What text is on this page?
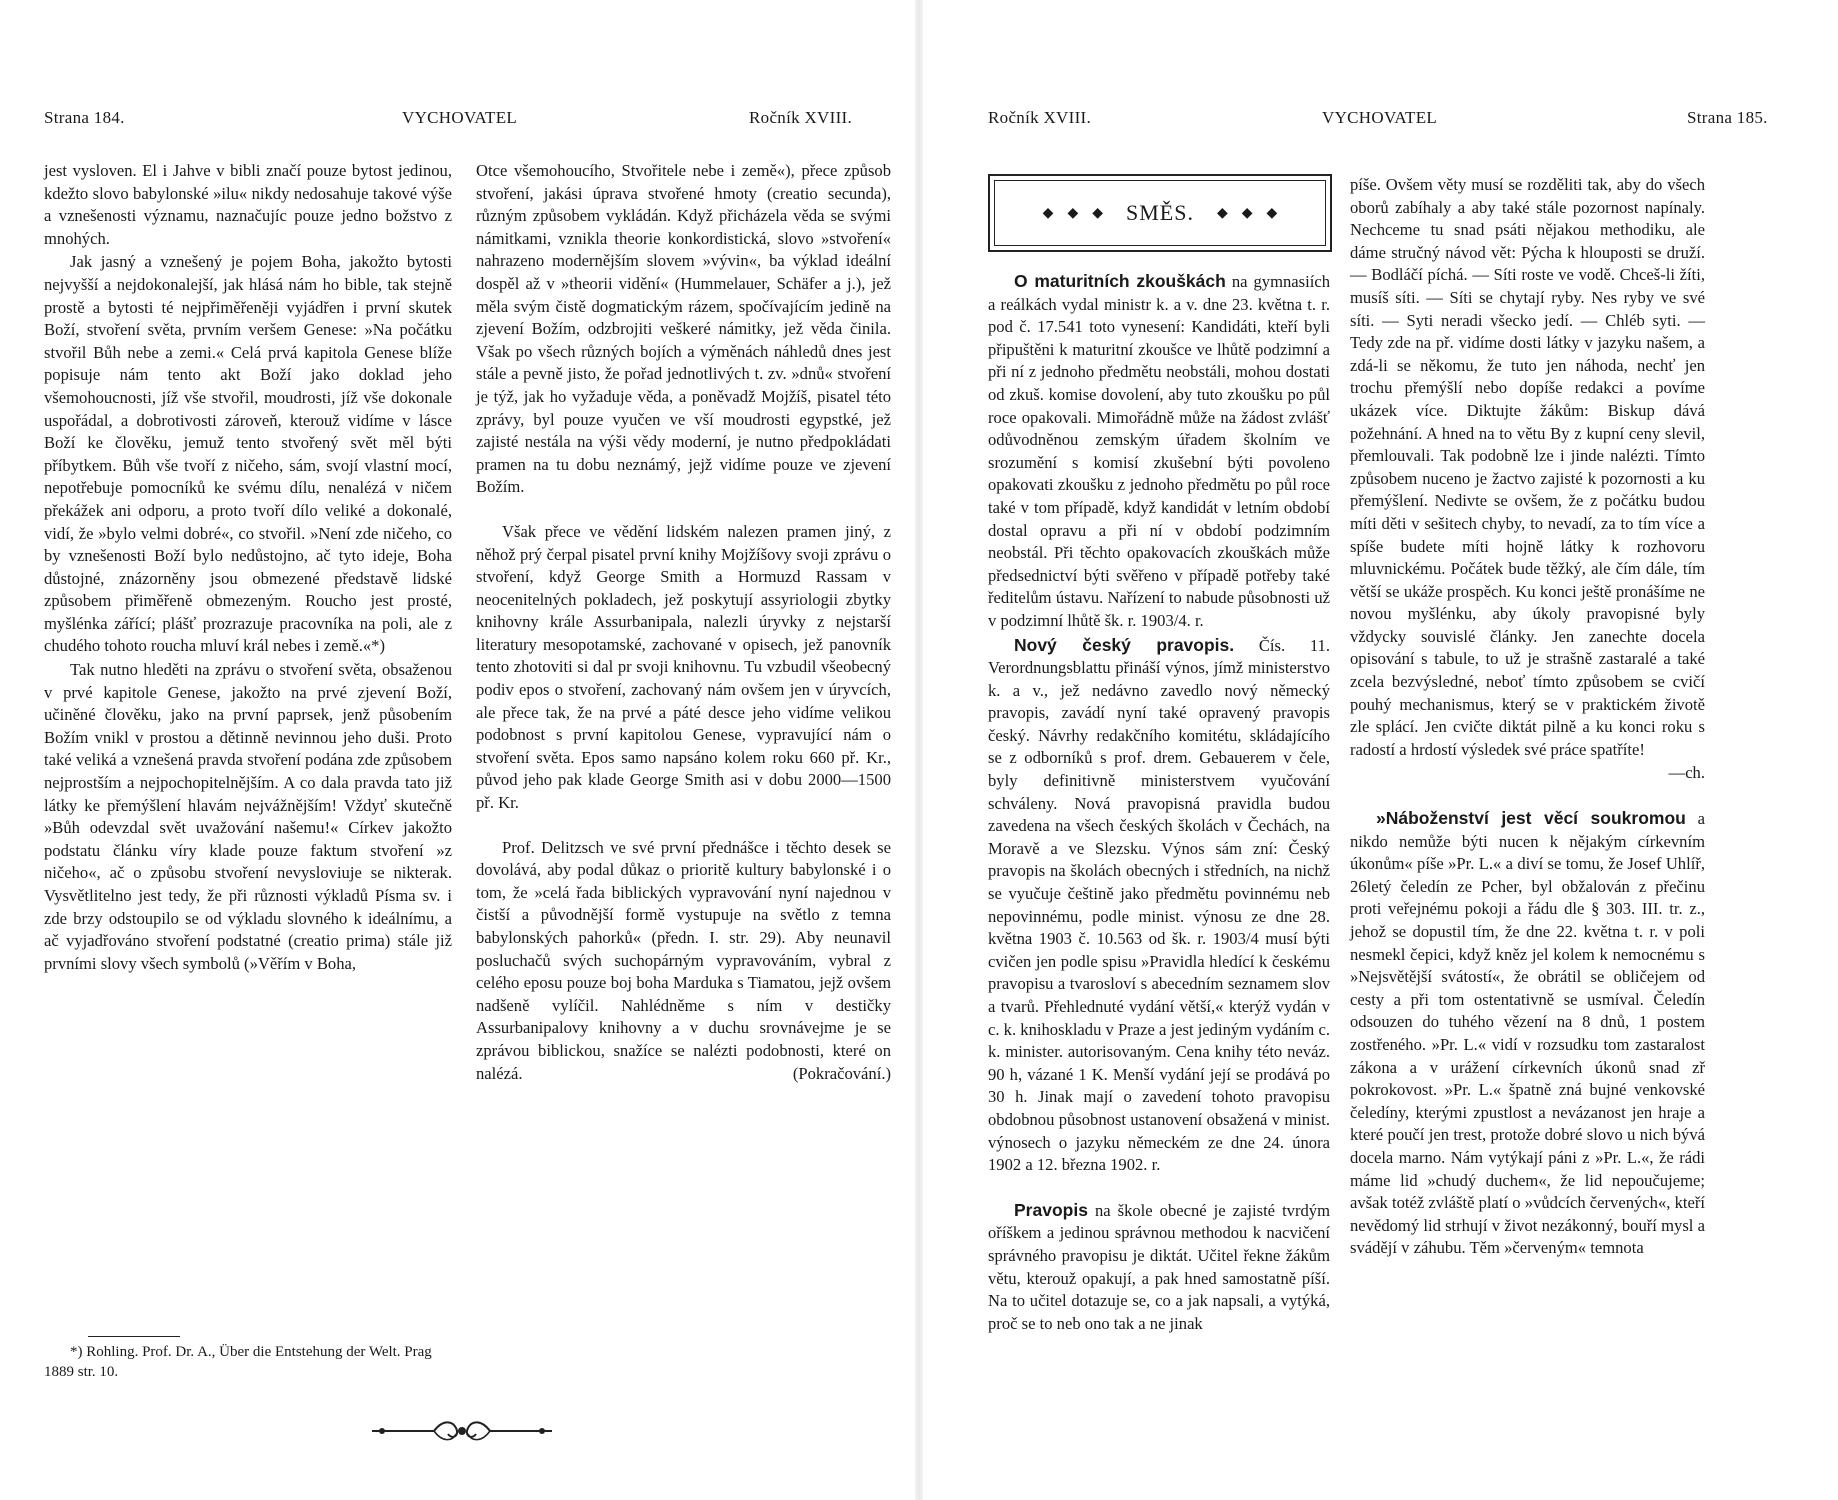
Strana 184.	VYCHOVATEL	Ročník XVIII.

jest vysloven. El i Jahve v bibli značí pouze bytost jedinou, kdežto slovo babylonské »ilu« nikdy nedosahuje takové výše a vznešenosti významu, naznačujíc pouze jedno božstvo z mnohých.

Jak jasný a vznešený je pojem Boha, jakožto bytosti nejvyšší a nejdokonalejší, jak hlásá nám ho bible, tak stejně prostě a bytosti té nejpřiměřeněji vyjádřen i první skutek Boží, stvoření světa, prvním veršem Genese: »Na počátku stvořil Bůh nebe a zemi.« Celá prvá kapitola Genese blíže popisuje nám tento akt Boží jako doklad jeho všemohoucnosti, jíž vše stvořil, moudrosti, jíž vše dokonale uspořádal, a dobrotivosti zároveň, kterouž vidíme v lásce Boží ke člověku, jemuž tento stvořený svět měl býti příbytkem. Bůh vše tvoří z ničeho, sám, svojí vlastní mocí, nepotřebuje pomocníků ke svému dílu, nenalézá v ničem překážek ani odporu, a proto tvoří dílo veliké a dokonalé, vidí, že »bylo velmi dobré«, co stvořil. »Není zde ničeho, co by vznešenosti Boží bylo nedůstojno, ač tyto ideje, Boha důstojné, znázorněny jsou obmezené představě lidské způsobem přiměřeně obmezeným. Roucho jest prosté, myšlénka zářící; plášť prozrazuje pracovníka na poli, ale z chudého tohoto roucha mluví král nebes i země.«*)

Tak nutno hleděti na zprávu o stvoření světa, obsaženou v prvé kapitole Genese, jakožto na prvé zjevení Boží, učiněné člověku, jako na první paprsek, jenž působením Božím vnikl v prostou a dětinně nevinnou jeho duši. Proto také veliká a vznešená pravda stvoření podána zde způsobem nejprostším a nejpochopitelnějším. A co dala pravda tato již látky ke přemýšlení hlavám nejvážnějším! Vždyť skutečně »Bůh odevzdal svět uvažování našemu!« Církev jakožto podstatu článku víry klade pouze faktum stvoření »z ničeho«, ač o způsobu stvoření nevysloviuje se nikterak. Vysvětlitelno jest tedy, že při různosti výkladů Písma sv. i zde brzy odstoupilo se od výkladu slovného k ideálnímu, a ač vyjadřováno stvoření podstatné (creatio prima) stále již prvními slovy všech symbolů (»Věřím v Boha,

*) Rohling. Prof. Dr. A., Über die Entstehung der Welt. Prag 1889 str. 10.

Otce všemohoucího, Stvořitele nebe i země«), přece způsob stvoření, jakási úprava stvořené hmoty (creatio secunda), různým způsobem vykládán. Když přicházela věda se svými námitkami, vznikla theorie konkordistická, slovo »stvoření« nahrazeno modernějším slovem »vývin«, ba výklad ideální dospěl až v »theorii vidění« (Hummelauer, Schäfer a j.), jež měla svým čistě dogmatickým rázem, spočívajícím jedině na zjevení Božím, odzbrojiti veškeré námitky, jež věda činila. Však po všech různých bojích a výměnách náhledů dnes jest stále a pevně jisto, že pořad jednotlivých t. zv. »dnů« stvoření je týž, jak ho vyžaduje věda, a poněvadž Mojžíš, pisatel této zprávy, byl pouze vyučen ve vší moudrosti egypstké, jež zajisté nestála na výši vědy moderní, je nutno předpokládati pramen na tu dobu neznámý, jejž vidíme pouze ve zjevení Božím.

Však přece ve vědění lidském nalezen pramen jiný, z něhož prý čerpal pisatel první knihy Mojžíšovy svoji zprávu o stvoření, když George Smith a Hormuzd Rassam v neocenitelných pokladech, jež poskytují assyriologii zbytky knihovny krále Assurbanipala, nalezli úryvky z nejstarší literatury mesopotamské, zachované v opisech, jež panovník tento zhotoviti si dal pr svoji knihovnu. Tu vzbudil všeobecný podiv epos o stvoření, zachovaný nám ovšem jen v úryvcích, ale přece tak, že na prvé a páté desce jeho vidíme velikou podobnost s první kapitolou Genese, vypravující nám o stvoření světa. Epos samo napsáno kolem roku 660 př. Kr., původ jeho pak klade George Smith asi v dobu 2000—1500 př. Kr.

Prof. Delitzsch ve své první přednášce i těchto desek se dovolává, aby podal důkaz o prioritě kultury babylonské i o tom, že »celá řada biblických vypravování nyní najednou v čistší a původnější formě vystupuje na světlo z temna babylonských pahorků« (předn. I. str. 29). Aby neunavil posluchačů svých suchopárným vypravováním, vybral z celého eposu pouze boj boha Marduka s Tiamatou, jejž ovšem nadšeně vylíčil. Nahlédněme s ním v destičky Assurbanipalovy knihovny a v duchu srovnávejme je se zprávou biblickou, snažíce se nalézti podobnosti, které on nalézá.	(Pokračování.)

Ročník XVIII.	VYCHOVATEL	Strana 185.

O maturitních zkouškách na gymnasiích a reálkách vydal ministr k. a v. dne 23. května t. r. pod č. 17.541 toto vynesení: Kandidáti, kteří byli připuštěni k maturitní zkoušce ve lhůtě podzimní a při ní z jednoho předmětu neobstáli, mohou dostati od zkuš. komise dovolení, aby tuto zkoušku po půl roce opakovali. Mimořádně může na žádost zvlášť odůvodněnou zemským úřadem školním ve srozumění s komisí zkušební býti povoleno opakovati zkoušku z jednoho předmětu po půl roce také v tom případě, když kandidát v letním období dostal opravu a při ní v období podzimním neobstál. Při těchto opakovacích zkouškách může předsednictví býti svěřeno v případě potřeby také ředitelům ústavu. Nařízení to nabude působnosti už v podzimní lhůtě šk. r. 1903/4. r.

Nový český pravopis. Čís. 11. Verordnungsblattu přináší výnos, jímž ministerstvo k. a v., jež nedávno zavedlo nový německý pravopis, zavádí nyní také opravený pravopis český. Návrhy redakčního komitétu, skládajícího se z odborníků s prof. drem. Gebauerem v čele, byly definitivně ministerstvem vyučování schváleny. Nová pravopisná pravidla budou zavedena na všech českých školách v Čechách, na Moravě a ve Slezsku. Výnos sám zní: Český pravopis na školách obecných i středních, na nichž se vyučuje češtině jako předmětu povinnému neb nepovinnému, podle minist. výnosu ze dne 28. května 1903 č. 10.563 od šk. r. 1903/4 musí býti cvičen jen podle spisu »Pravidla hledící k českému pravopisu a tvarosloví s abecedním seznamem slov a tvarů. Přehlednuté vydání větší,« kterýž vydán v c. k. knihoskladu v Praze a jest jediným vydáním c. k. minister. autorisovaným. Cena knihy této neváz. 90 h, vázané 1 K. Menší vydání její se prodává po 30 h. Jinak mají o zavedení tohoto pravopisu obdobnou působnost ustanovení obsažená v minist. výnosech o jazyku německém ze dne 24. února 1902 a 12. března 1902. r.

Pravopis na škole obecné je zajisté tvrdým oříškem a jedinou správnou methodou k nacvičení správného pravopisu je diktát. Učitel řekne žákům větu, kterouž opakují, a pak hned samostatně píší. Na to učitel dotazuje se, co a jak napsali, a vytýká, proč se to neb ono tak a ne jinak

píše. Ovšem věty musí se rozděliti tak, aby do všech oborů zabíhaly a aby také stále pozornost napínaly. Nechceme tu snad psáti nějakou methodiku, ale dáme stručný návod vět: Pýcha k hlouposti se druží. — Bodláčí píchá. — Síti roste ve vodě. Chceš-li žíti, musíš síti. — Síti se chytají ryby. Nes ryby ve své síti. — Syti neradi všecko jedí. — Chléb syti. — Tedy zde na př. vidíme dosti látky v jazyku našem, a zdá-li se někomu, že tuto jen náhoda, nechť jen trochu přemýšlí nebo dopíše redakci a povíme ukázek více. Diktujte žákům: Biskup dává požehnání. A hned na to větu By z kupní ceny slevil, přemlouvali. Tak podobně lze i jinde nalézti. Tímto způsobem nuceno je žactvo zajisté k pozornosti a ku přemýšlení. Nedivte se ovšem, že z počátku budou míti děti v sešitech chyby, to nevadí, za to tím více a spíše budete míti hojně látky k rozhovoru mluvnickému. Počátek bude těžký, ale čím dále, tím větší se ukáže prospěch. Ku konci ještě pronášíme ne novou myšlénku, aby úkoly pravopisné byly vždycky souvislé články. Jen zanechte docela opisování s tabule, to už je strašně zastaralé a také zcela bezvýsledné, neboť tímto způsobem se cvičí pouhý mechanismus, který se v praktickém životě zle splácí. Jen cvičte diktát pilně a ku konci roku s radostí a hrdostí výsledek své práce spatříte!

—ch.

»Náboženství jest věcí soukromou a nikdo nemůže býti nucen k nějakým církevním úkonům« píše »Pr. L.« a diví se tomu, že Josef Uhlíř, 26letý čeledín ze Pcher, byl obžalován z přečinu proti veřejnému pokoji a řádu dle § 303. III. tr. z., jehož se dopustil tím, že dne 22. května t. r. v poli nesmekl čepici, když kněz jel kolem k nemocnému s »Nejsvětější svátostí«, že obrátil se obličejem od cesty a při tom ostentativně se usmíval. Čeledín odsouzen do tuhého vězení na 8 dnů, 1 postem zostřeného. »Pr. L.« vidí v rozsudku tom zastaralost zákona a v urážení církevních úkonů snad zř pokrokovost. »Pr. L.« špatně zná bujné venkovské čeledíny, kterými zpustlost a nevázanost jen hraje a které poučí jen trest, protože dobré slovo u nich bývá docela marno. Nám vytýkají páni z »Pr. L.«, že rádi máme lid »chudý duchem«, že lid nepoučujeme; avšak totéž zvláště platí o »vůdcích červených«, kteří nevědomý lid strhují v život nezákonný, bouří mysl a svádějí v záhubu. Těm »červeným« temnota

◆ ◆ ◆ SMĚS. ◆ ◆ ◆
